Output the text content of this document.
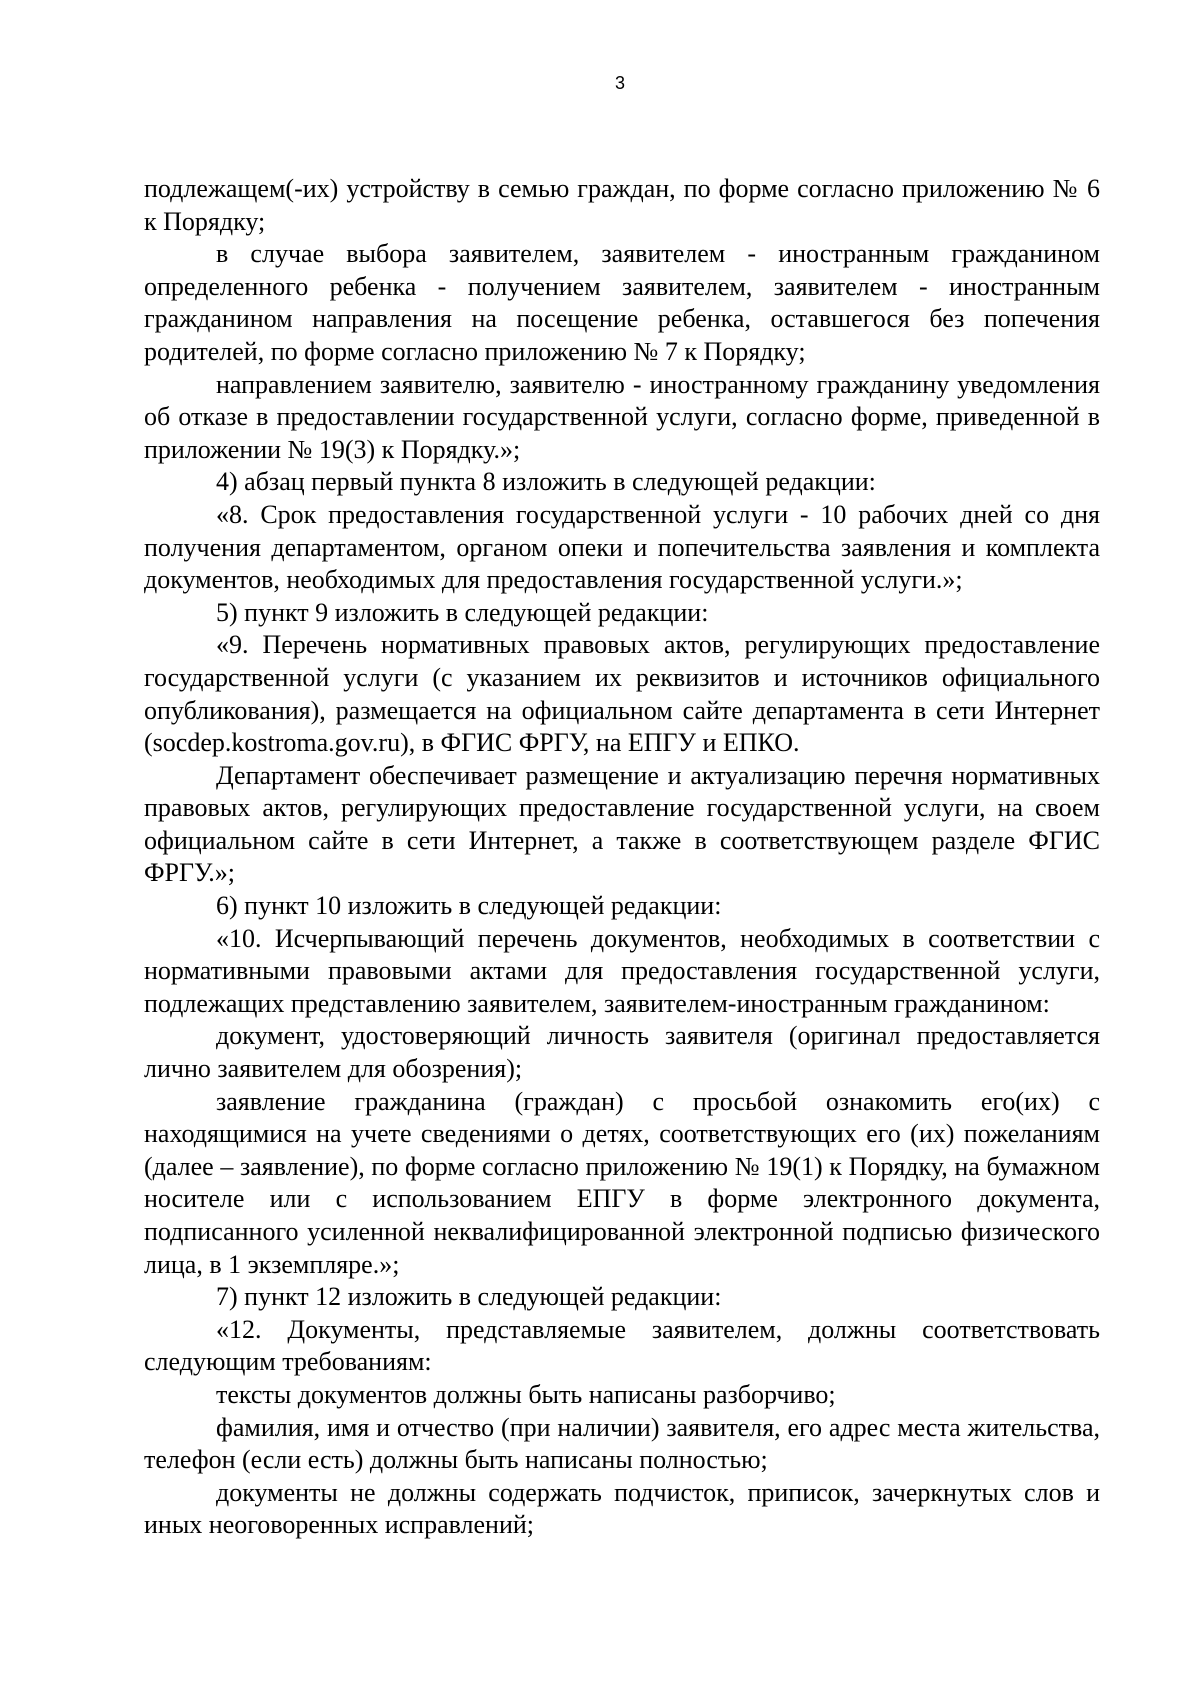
3

подлежащем(-их) устройству в семью граждан, по форме согласно приложению № 6 к Порядку;

в случае выбора заявителем, заявителем - иностранным гражданином определенного ребенка - получением заявителем, заявителем - иностранным гражданином направления на посещение ребенка, оставшегося без попечения родителей, по форме согласно приложению № 7 к Порядку;

направлением заявителю, заявителю - иностранному гражданину уведомления об отказе в предоставлении государственной услуги, согласно форме, приведенной в приложении № 19(3) к Порядку.»;

4) абзац первый пункта 8 изложить в следующей редакции:

«8. Срок предоставления государственной услуги - 10 рабочих дней со дня получения департаментом, органом опеки и попечительства заявления и комплекта документов, необходимых для предоставления государственной услуги.»;

5) пункт 9 изложить в следующей редакции:

«9. Перечень нормативных правовых актов, регулирующих предоставление государственной услуги (с указанием их реквизитов и источников официального опубликования), размещается на официальном сайте департамента в сети Интернет (socdep.kostroma.gov.ru), в ФГИС ФРГУ, на ЕПГУ и ЕПКО.

Департамент обеспечивает размещение и актуализацию перечня нормативных правовых актов, регулирующих предоставление государственной услуги, на своем официальном сайте в сети Интернет, а также в соответствующем разделе ФГИС ФРГУ.»;

6) пункт 10 изложить в следующей редакции:

«10. Исчерпывающий перечень документов, необходимых в соответствии с нормативными правовыми актами для предоставления государственной услуги, подлежащих представлению заявителем, заявителем-иностранным гражданином:

документ, удостоверяющий личность заявителя (оригинал предоставляется лично заявителем для обозрения);

заявление гражданина (граждан) с просьбой ознакомить его(их) с находящимися на учете сведениями о детях, соответствующих его (их) пожеланиям (далее – заявление), по форме согласно приложению № 19(1) к Порядку, на бумажном носителе или с использованием ЕПГУ в форме электронного документа, подписанного усиленной неквалифицированной электронной подписью физического лица, в 1 экземпляре.»;

7) пункт 12 изложить в следующей редакции:

«12. Документы, представляемые заявителем, должны соответствовать следующим требованиям:

тексты документов должны быть написаны разборчиво;

фамилия, имя и отчество (при наличии) заявителя, его адрес места жительства, телефон (если есть) должны быть написаны полностью;

документы не должны содержать подчисток, приписок, зачеркнутых слов и иных неоговоренных исправлений;
